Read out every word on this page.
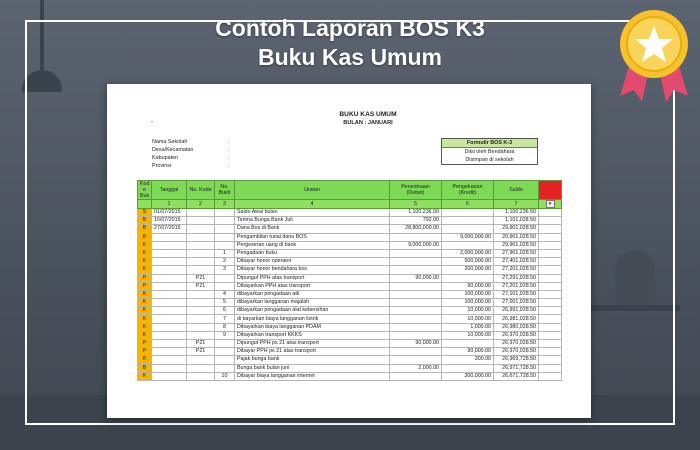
Contoh Laporan BOS K3
Buku Kas Umum
-
BUKU KAS UMUM
BULAN : JANUARI
Nama Sekolah	:
Desa/Kecamatan	:
Kabupaten	:
Provinsi	:
Formulir BOS K-3
Diisi oleh Bendahara
Disimpan di sekolah
Kod e Buk	Tanggal	No. Kode	No. Bukti	Uraian	Penerimaan (Debet)	Pengeluaran (Kredit)	Saldo	
	1	2	3	4	5	6	7	▾
S	01/07/2015			Saldo Awal bulan	1,100,236.50		1,100,236.50	
B	16/07/2015			Terima Bunga Bank Juli	792.00		1,101,028.50	
B	27/07/2015			Dana Bos di Bank	28,800,000.00		29,901,028.50	
B				Pengambilan tunai dana BOS		9,000,000.00	20,901,028.50	
K				Pergeseran uang di bank	9,000,000.00		29,901,028.50	
K			1	Pengadaan buku		2,000,000.00	27,901,028.50	
K			2	Dibayar honor operator		500,000.00	27,401,028.50	
K			3	Dibayar honor bendahara bos		200,000.00	27,201,028.50	
P		P21		Dipungut PPH atas transport	90,000.00		27,291,028.50	
P		P21		Dibayarkan PPH atas transport		90,000.00	27,201,028.50	
K			4	dibayarkan pengadaan atk		100,000.00	27,101,028.50	
K			5	dibayarkan langganan majalah		100,000.00	27,001,028.50	
K			6	dibayarkan pengadaan alat kebersihan		10,000.00	26,991,028.50	
K			7	di bayarkan biaya langganan listrik		10,000.00	26,981,028.50	
K			8	Dibayarkan biaya langganan PDAM		1,000.00	26,980,028.50	
K			9	Dibayarkan transport KKKS		10,000.00	26,970,028.50	
P		P21		Dipungut PPH ps 21 atas transport	90,000.00		26,970,028.50	
P		P21		Dibayar PPH ps 21 atas transport		90,000.00	26,970,028.50	
B				Pajak bunga bank		300.00	26,969,728.50	
B				Bunga bank bulan juni	2,000.00		26,971,728.50	
K			10	Dibayar biaya langganan internet		300,000.00	26,671,728.50	
